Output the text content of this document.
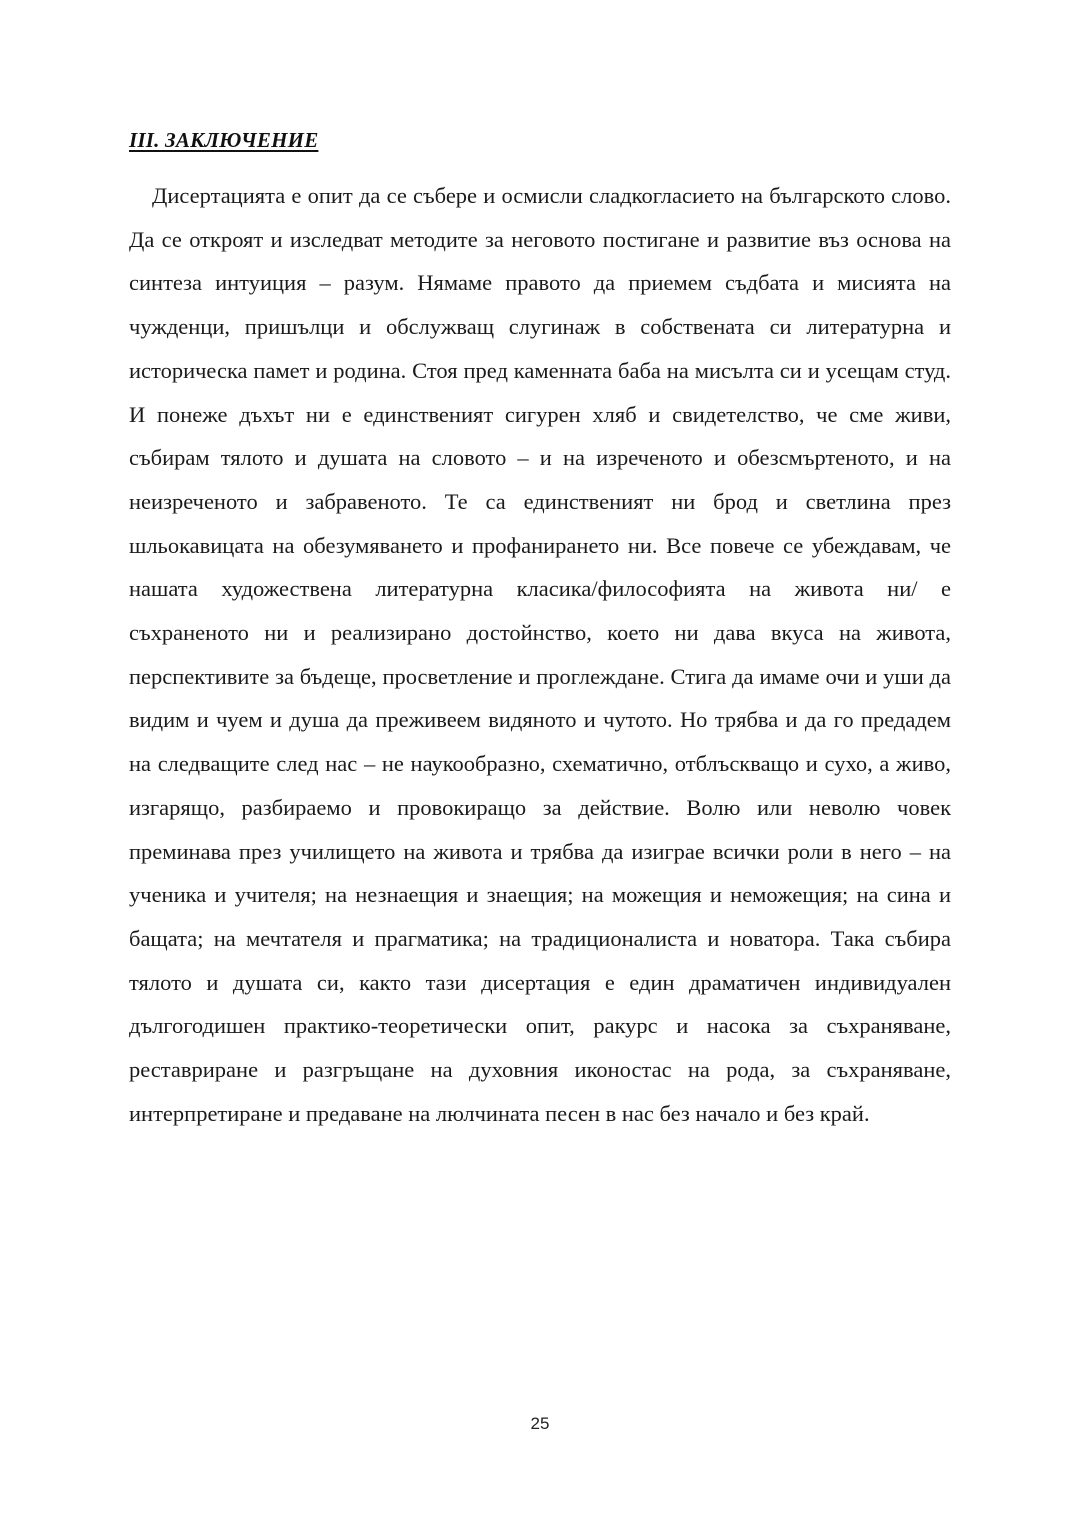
III. ЗАКЛЮЧЕНИЕ

Дисертацията е опит да се събере и осмисли сладкогласието на българското слово. Да се откроят и изследват методите за неговото постигане и развитие въз основа на синтеза интуиция – разум. Нямаме правото да приемем съдбата и мисията на чужденци, пришълци и обслужващ слугинаж в собствената си литературна и историческа памет и родина. Стоя пред каменната баба на мисълта си и усещам студ. И понеже дъхът ни е единственият сигурен хляб и свидетелство, че сме живи, събирам тялото и душата на словото – и на изреченото и обезсмъртеното, и на неизреченото и забравеното. Те са единственият ни брод и светлина през шльокавицата на обезумяването и профанирането ни. Все повече се убеждавам, че нашата художествена литературна класика/философията на живота ни/ е съхраненото ни и реализирано достойнство, което ни дава вкуса на живота, перспективите за бъдеще, просветление и проглеждане. Стига да имаме очи и уши да видим и чуем и душа да преживеем видяното и чутото. Но трябва и да го предадем на следващите след нас – не наукообразно, схематично, отблъскващо и сухо, а живо, изгарящо, разбираемо и провокиращо за действие. Волю или неволю човек преминава през училището на живота и трябва да изиграе всички роли в него – на ученика и учителя; на незнаещия и знаещия; на можещия и неможещия; на сина и бащата; на мечтателя и прагматика; на традиционалиста и новатора. Така събира тялото и душата си, както тази дисертация е един драматичен индивидуален дългогодишен практико-теоретически опит, ракурс и насока за съхраняване, реставриране и разгръщане на духовния иконостас на рода, за съхраняване, интерпретиране и предаване на люлчината песен в нас без начало и без край.

25
